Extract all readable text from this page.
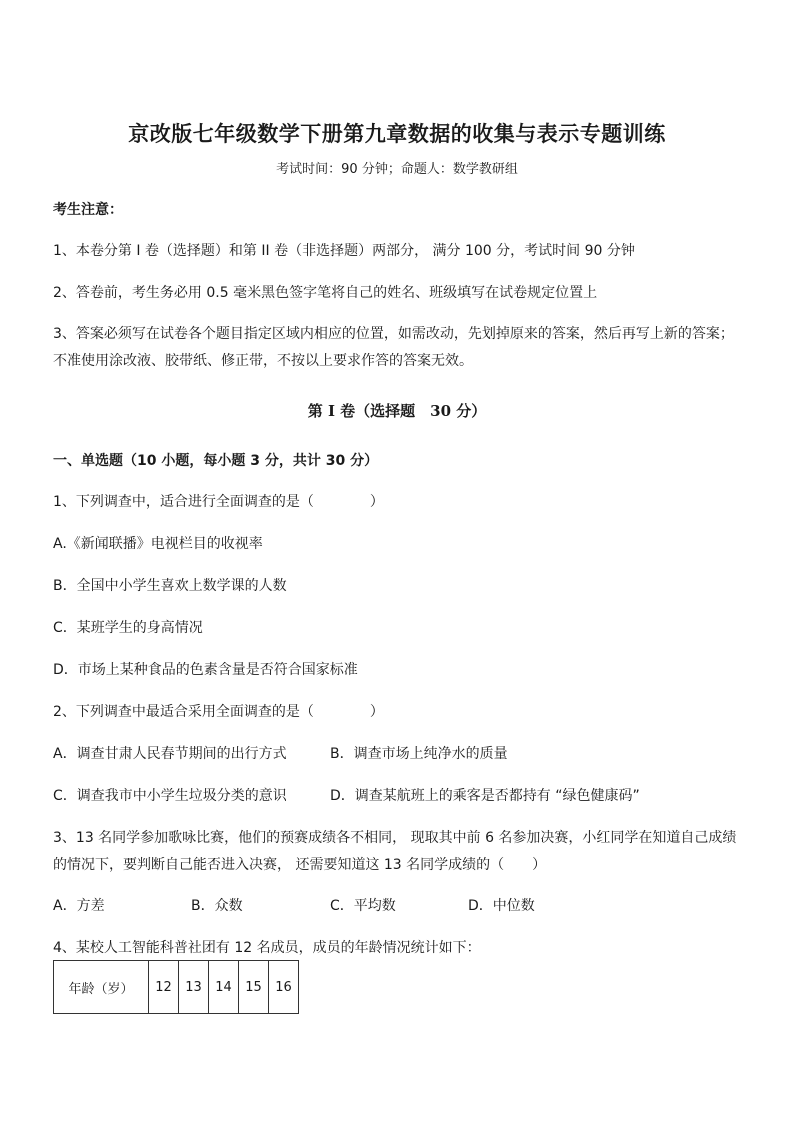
京改版七年级数学下册第九章数据的收集与表示专题训练
考试时间：90 分钟；命题人：数学教研组
考生注意：
1、本卷分第 I 卷（选择题）和第 II 卷（非选择题）两部分， 满分 100 分，考试时间 90 分钟
2、答卷前，考生务必用 0.5 毫米黑色签字笔将自己的姓名、班级填写在试卷规定位置上
3、答案必须写在试卷各个题目指定区域内相应的位置，如需改动，先划掉原来的答案，然后再写上新的答案；不准使用涂改液、胶带纸、修正带，不按以上要求作答的答案无效。
第 I 卷（选择题　30 分）
一、单选题（10 小题，每小题 3 分，共计 30 分）
1、下列调查中，适合进行全面调查的是（　　　　）
A.《新闻联播》电视栏目的收视率
B．全国中小学生喜欢上数学课的人数
C．某班学生的身高情况
D．市场上某种食品的色素含量是否符合国家标准
2、下列调查中最适合采用全面调查的是（　　　　）
A．调查甘肃人民春节期间的出行方式	B．调查市场上纯净水的质量
C．调查我市中小学生垃圾分类的意识	D．调查某航班上的乘客是否都持有 “绿色健康码”
3、13 名同学参加歌咏比赛，他们的预赛成绩各不相同， 现取其中前 6 名参加决赛，小红同学在知道自己成绩的情况下，要判断自己能否进入决赛， 还需要知道这 13 名同学成绩的（　　）
A．方差	B．众数	C．平均数	D．中位数
4、某校人工智能科普社团有 12 名成员，成员的年龄情况统计如下：
年龄（岁）	12	13	14	15	16
